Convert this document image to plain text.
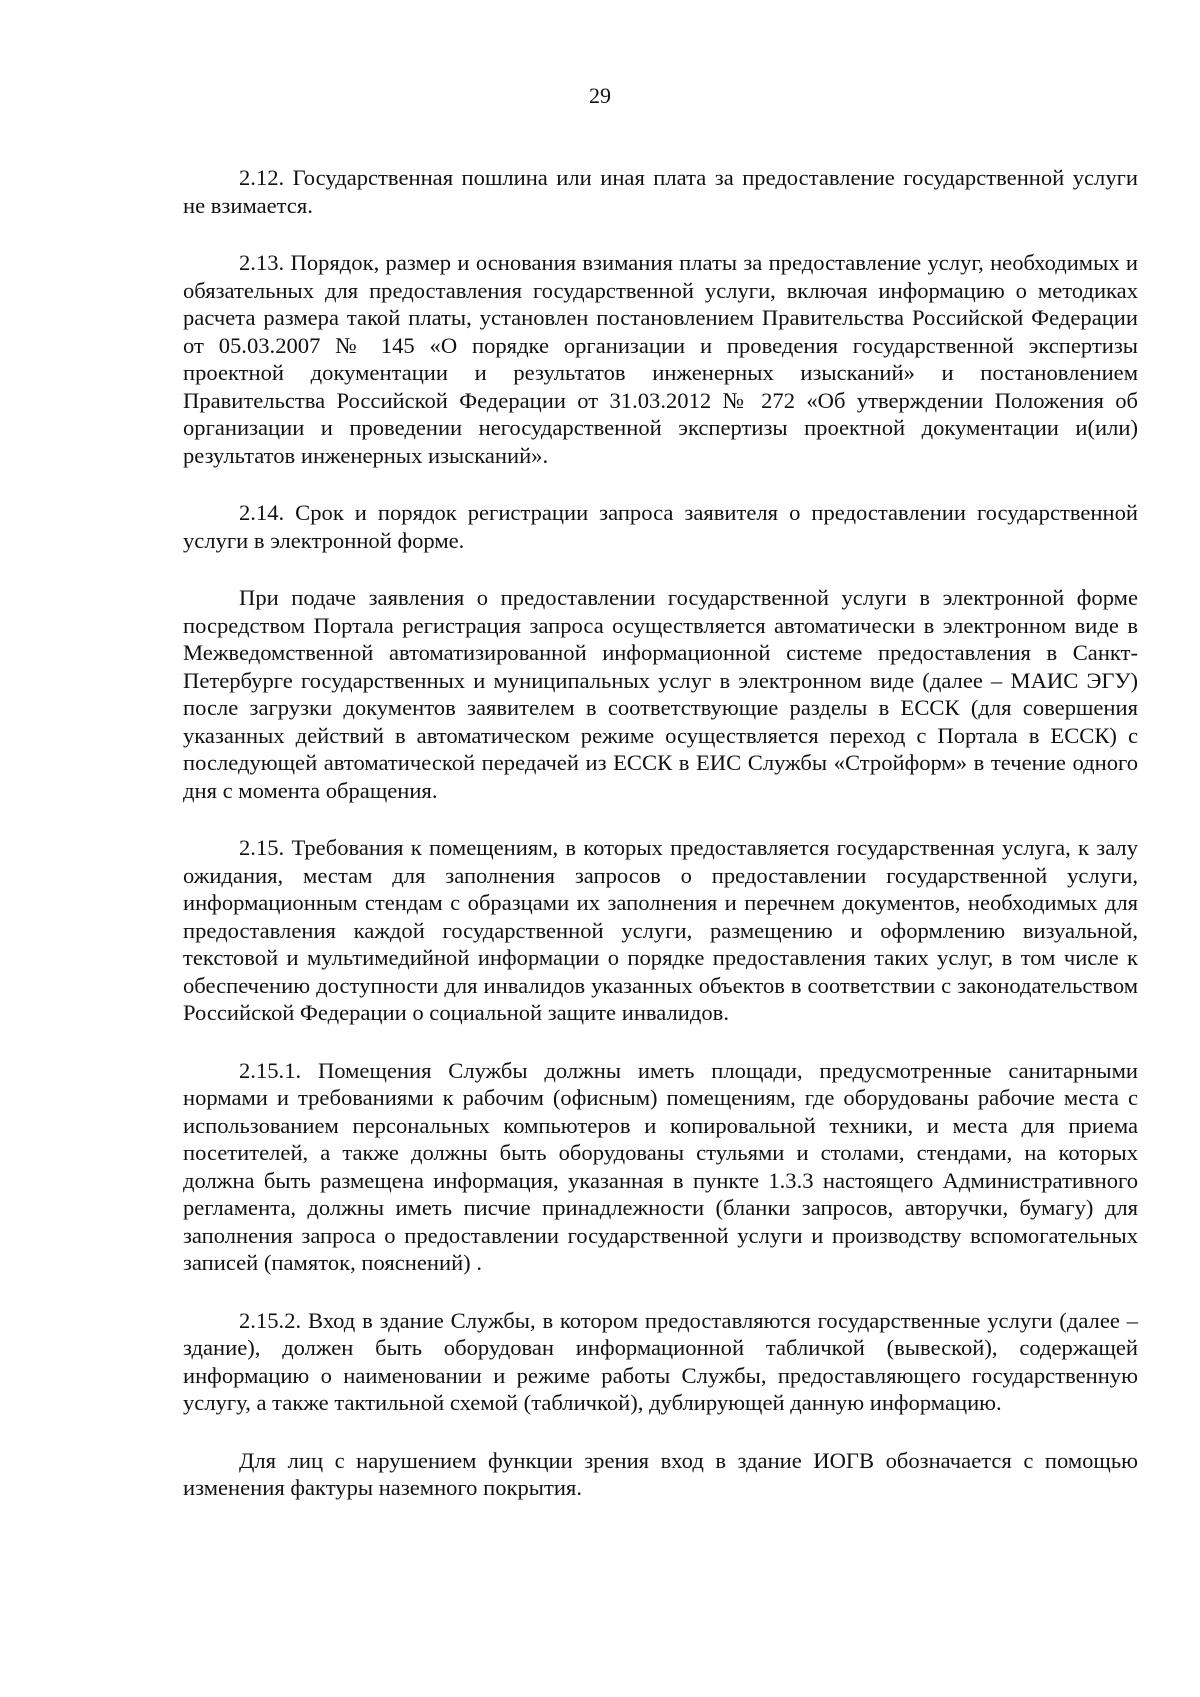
29

2.12. Государственная пошлина или иная плата за предоставление государственной услуги не взимается.

2.13. Порядок, размер и основания взимания платы за предоставление услуг, необходимых и обязательных для предоставления государственной услуги, включая информацию о методиках расчета размера такой платы, установлен постановлением Правительства Российской Федерации от 05.03.2007 № 145 «О порядке организации и проведения государственной экспертизы проектной документации и результатов инженерных изысканий» и постановлением Правительства Российской Федерации от 31.03.2012 № 272 «Об утверждении Положения об организации и проведении негосударственной экспертизы проектной документации и(или) результатов инженерных изысканий».

2.14. Срок и порядок регистрации запроса заявителя о предоставлении государственной услуги в электронной форме.

При подаче заявления о предоставлении государственной услуги в электронной форме посредством Портала регистрация запроса осуществляется автоматически в электронном виде в Межведомственной автоматизированной информационной системе предоставления в Санкт-Петербурге государственных и муниципальных услуг в электронном виде (далее – МАИС ЭГУ) после загрузки документов заявителем в соответствующие разделы в ЕССК (для совершения указанных действий в автоматическом режиме осуществляется переход с Портала в ЕССК) с последующей автоматической передачей из ЕССК в ЕИС Службы «Стройформ» в течение одного дня с момента обращения.

2.15. Требования к помещениям, в которых предоставляется государственная услуга, к залу ожидания, местам для заполнения запросов о предоставлении государственной услуги, информационным стендам с образцами их заполнения и перечнем документов, необходимых для предоставления каждой государственной услуги, размещению и оформлению визуальной, текстовой и мультимедийной информации о порядке предоставления таких услуг, в том числе к обеспечению доступности для инвалидов указанных объектов в соответствии с законодательством Российской Федерации о социальной защите инвалидов.

2.15.1. Помещения Службы должны иметь площади, предусмотренные санитарными нормами и требованиями к рабочим (офисным) помещениям, где оборудованы рабочие места с использованием персональных компьютеров и копировальной техники, и места для приема посетителей, а также должны быть оборудованы стульями и столами, стендами, на которых должна быть размещена информация, указанная в пункте 1.3.3 настоящего Административного регламента, должны иметь писчие принадлежности (бланки запросов, авторучки, бумагу) для заполнения запроса о предоставлении государственной услуги и производству вспомогательных записей (памяток, пояснений) .

2.15.2. Вход в здание Службы, в котором предоставляются государственные услуги (далее – здание), должен быть оборудован информационной табличкой (вывеской), содержащей информацию о наименовании и режиме работы Службы, предоставляющего государственную услугу, а также тактильной схемой (табличкой), дублирующей данную информацию.

Для лиц с нарушением функции зрения вход в здание ИОГВ обозначается с помощью изменения фактуры наземного покрытия.
